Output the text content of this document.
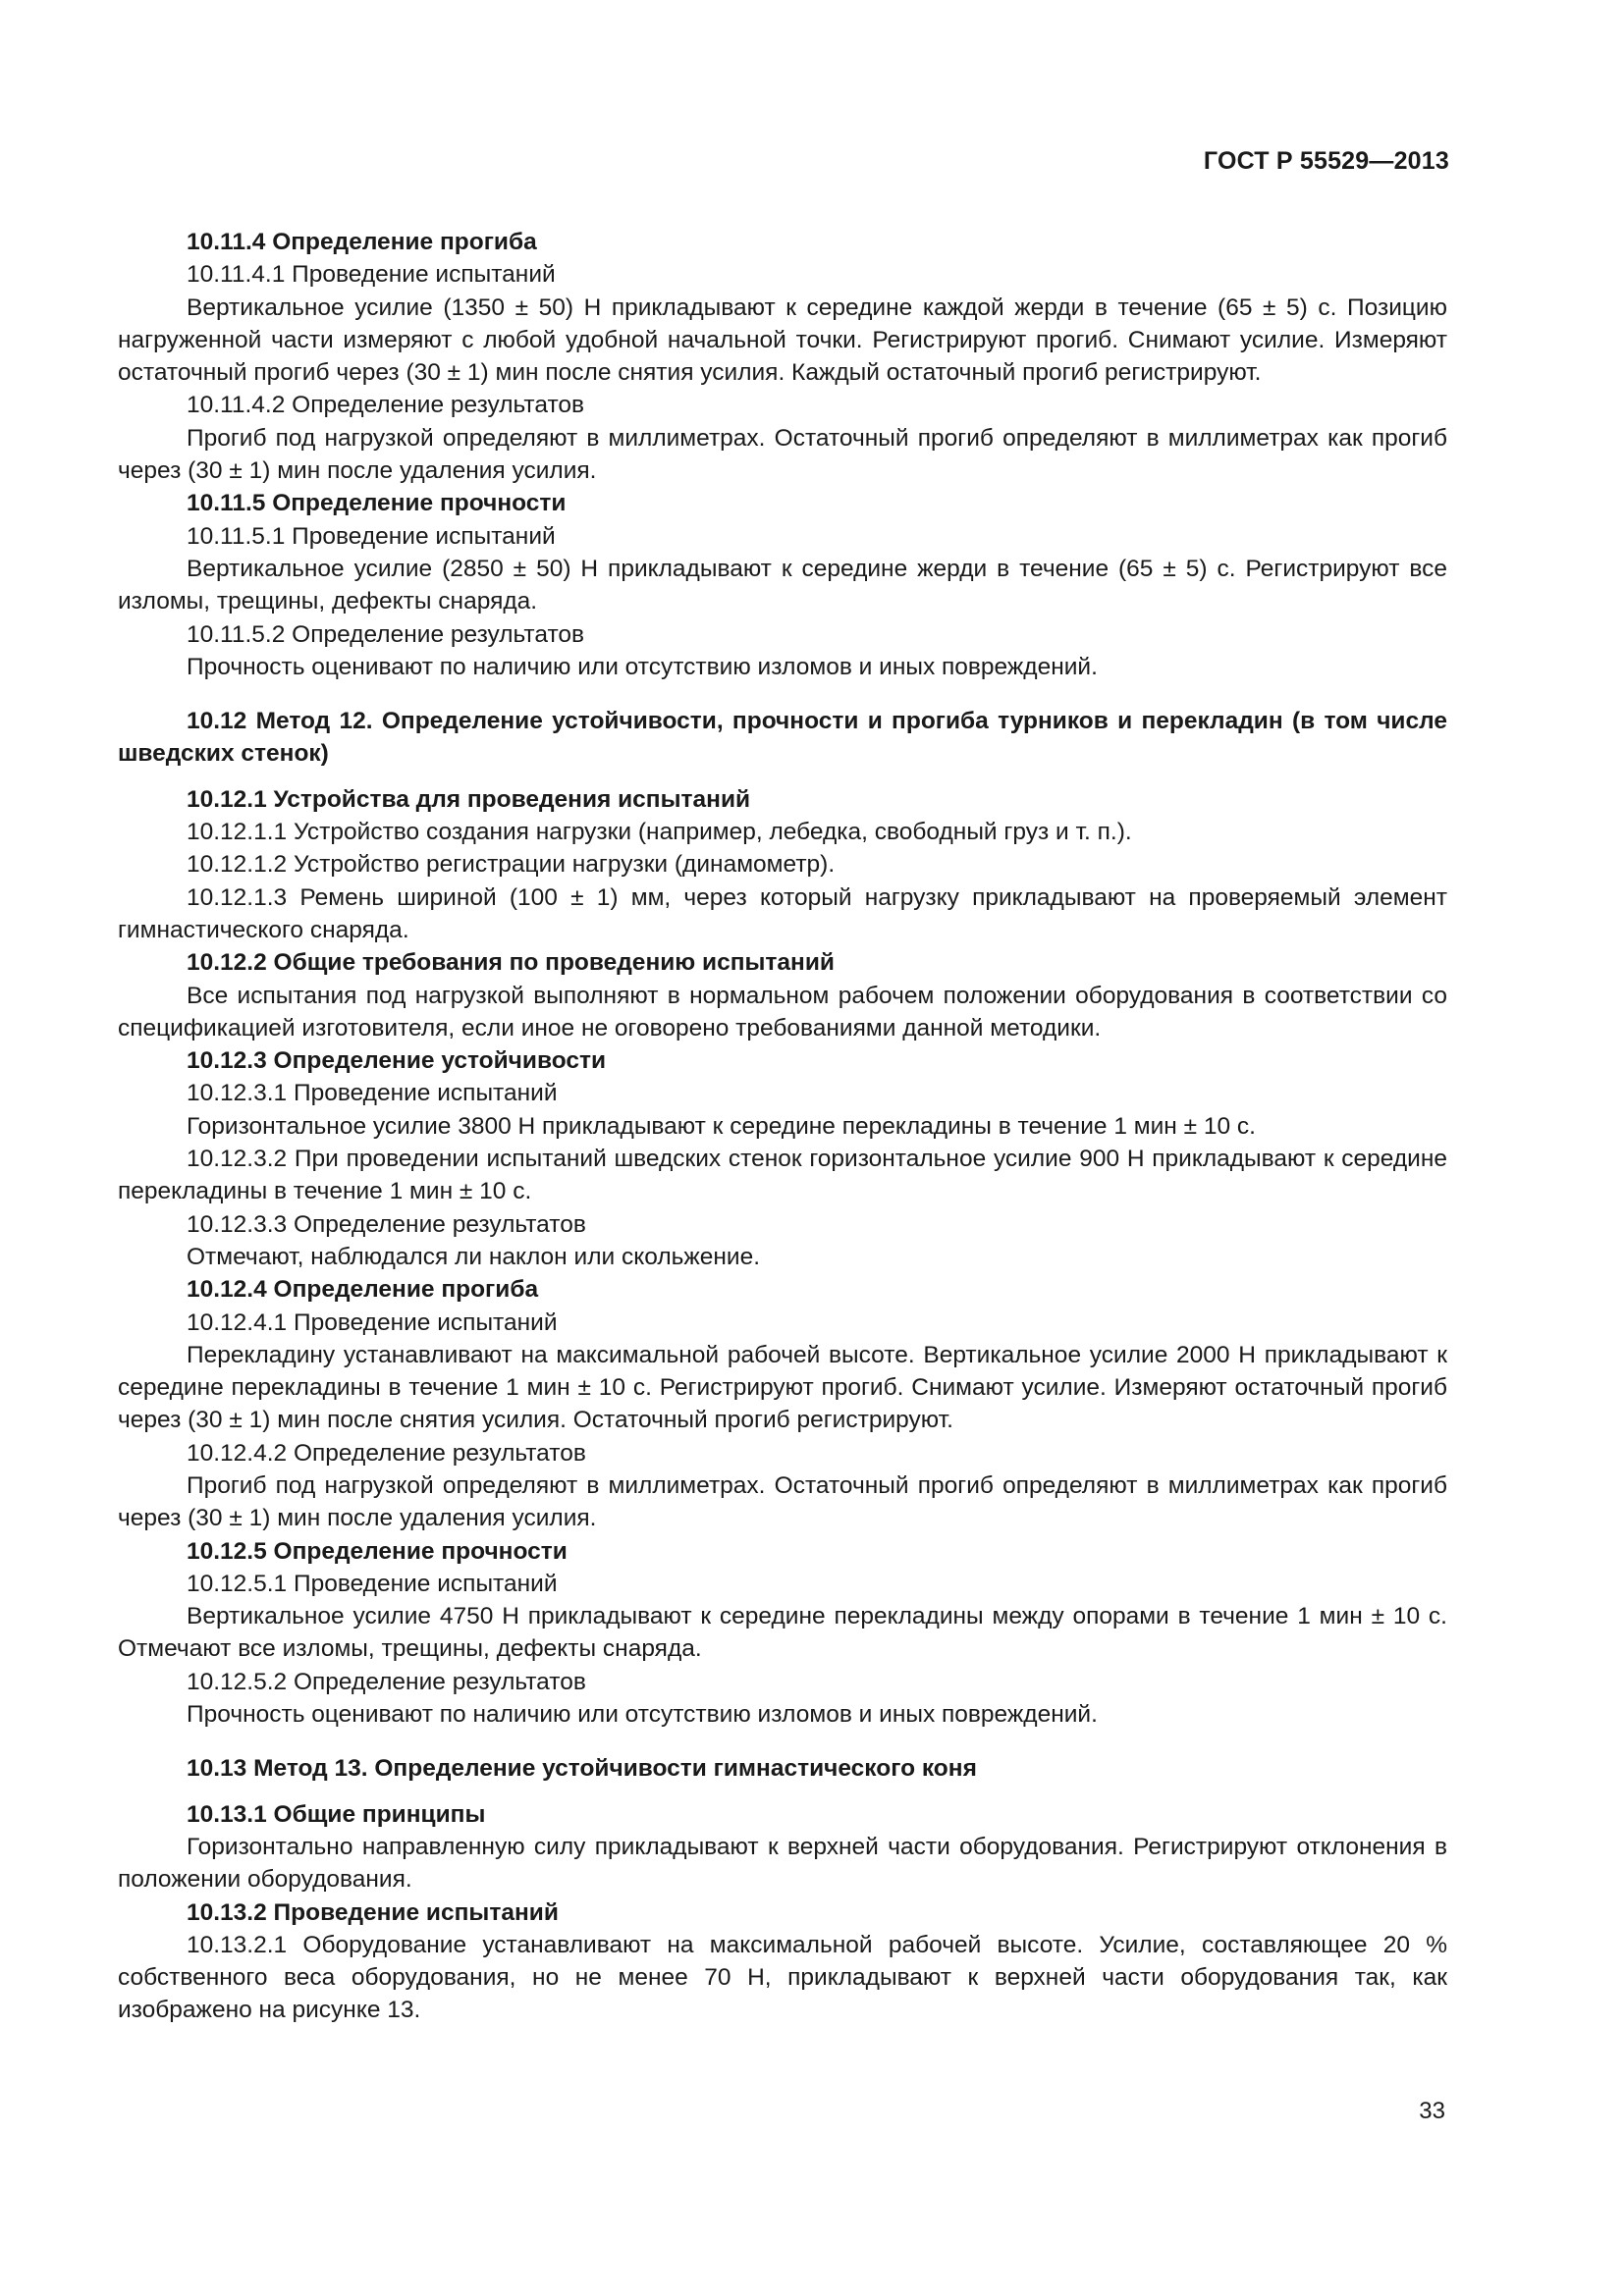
ГОСТ Р 55529—2013

10.11.4 Определение прогиба

10.11.4.1 Проведение испытаний

Вертикальное усилие (1350 ± 50) Н прикладывают к середине каждой жерди в течение (65 ± 5) с. Позицию нагруженной части измеряют с любой удобной начальной точки. Регистрируют прогиб. Снимают усилие. Измеряют остаточный прогиб через (30 ± 1) мин после снятия усилия. Каждый остаточный прогиб регистрируют.

10.11.4.2 Определение результатов

Прогиб под нагрузкой определяют в миллиметрах. Остаточный прогиб определяют в миллиметрах как прогиб через (30 ± 1) мин после удаления усилия.

10.11.5 Определение прочности

10.11.5.1 Проведение испытаний

Вертикальное усилие (2850 ± 50) Н прикладывают к середине жерди в течение (65 ± 5) с. Регистрируют все изломы, трещины, дефекты снаряда.

10.11.5.2 Определение результатов

Прочность оценивают по наличию или отсутствию изломов и иных повреждений.

10.12 Метод 12. Определение устойчивости, прочности и прогиба турников и перекладин (в том числе шведских стенок)

10.12.1 Устройства для проведения испытаний

10.12.1.1 Устройство создания нагрузки (например, лебедка, свободный груз и т. п.).

10.12.1.2 Устройство регистрации нагрузки (динамометр).

10.12.1.3 Ремень шириной (100 ± 1) мм, через который нагрузку прикладывают на проверяемый элемент гимнастического снаряда.

10.12.2 Общие требования по проведению испытаний

Все испытания под нагрузкой выполняют в нормальном рабочем положении оборудования в соответствии со спецификацией изготовителя, если иное не оговорено требованиями данной методики.

10.12.3 Определение устойчивости

10.12.3.1 Проведение испытаний

Горизонтальное усилие 3800 Н прикладывают к середине перекладины в течение 1 мин ± 10 с.

10.12.3.2 При проведении испытаний шведских стенок горизонтальное усилие 900 Н прикладывают к середине перекладины в течение 1 мин ± 10 с.

10.12.3.3 Определение результатов

Отмечают, наблюдался ли наклон или скольжение.

10.12.4 Определение прогиба

10.12.4.1 Проведение испытаний

Перекладину устанавливают на максимальной рабочей высоте. Вертикальное усилие 2000 Н прикладывают к середине перекладины в течение 1 мин ± 10 с. Регистрируют прогиб. Снимают усилие. Измеряют остаточный прогиб через (30 ± 1) мин после снятия усилия. Остаточный прогиб регистрируют.

10.12.4.2 Определение результатов

Прогиб под нагрузкой определяют в миллиметрах. Остаточный прогиб определяют в миллиметрах как прогиб через (30 ± 1) мин после удаления усилия.

10.12.5 Определение прочности

10.12.5.1 Проведение испытаний

Вертикальное усилие 4750 Н прикладывают к середине перекладины между опорами в течение 1 мин ± 10 с. Отмечают все изломы, трещины, дефекты снаряда.

10.12.5.2 Определение результатов

Прочность оценивают по наличию или отсутствию изломов и иных повреждений.

10.13 Метод 13. Определение устойчивости гимнастического коня

10.13.1 Общие принципы

Горизонтально направленную силу прикладывают к верхней части оборудования. Регистрируют отклонения в положении оборудования.

10.13.2 Проведение испытаний

10.13.2.1 Оборудование устанавливают на максимальной рабочей высоте. Усилие, составляющее 20 % собственного веса оборудования, но не менее 70 Н, прикладывают к верхней части оборудования так, как изображено на рисунке 13.

33
